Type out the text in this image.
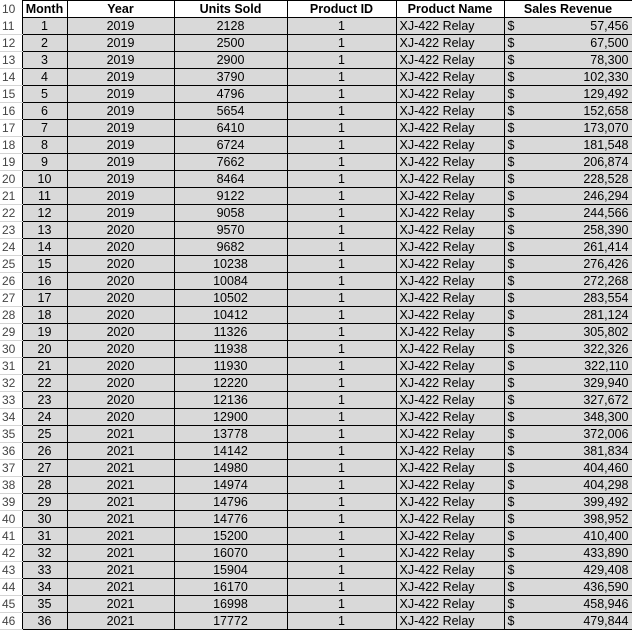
10	Month	Year	Units Sold	Product ID	Product Name	Sales Revenue
11	1	2019	2128	1	XJ-422 Relay	$ 57,456

12	2	2019	2500	1	XJ-422 Relay	$ 67,500

13	3	2019	2900	1	XJ-422 Relay	$ 78,300

14	4	2019	3790	1	XJ-422 Relay	$ 102,330

15	5	2019	4796	1	XJ-422 Relay	$ 129,492

16	6	2019	5654	1	XJ-422 Relay	$ 152,658

17	7	2019	6410	1	XJ-422 Relay	$ 173,070

18	8	2019	6724	1	XJ-422 Relay	$ 181,548

19	9	2019	7662	1	XJ-422 Relay	$ 206,874

20	10	2019	8464	1	XJ-422 Relay	$ 228,528

21	11	2019	9122	1	XJ-422 Relay	$ 246,294

22	12	2019	9058	1	XJ-422 Relay	$ 244,566

23	13	2020	9570	1	XJ-422 Relay	$ 258,390

24	14	2020	9682	1	XJ-422 Relay	$ 261,414

25	15	2020	10238	1	XJ-422 Relay	$ 276,426

26	16	2020	10084	1	XJ-422 Relay	$ 272,268

27	17	2020	10502	1	XJ-422 Relay	$ 283,554

28	18	2020	10412	1	XJ-422 Relay	$ 281,124

29	19	2020	11326	1	XJ-422 Relay	$ 305,802

30	20	2020	11938	1	XJ-422 Relay	$ 322,326

31	21	2020	11930	1	XJ-422 Relay	$ 322,110

32	22	2020	12220	1	XJ-422 Relay	$ 329,940

33	23	2020	12136	1	XJ-422 Relay	$ 327,672

34	24	2020	12900	1	XJ-422 Relay	$ 348,300

35	25	2021	13778	1	XJ-422 Relay	$ 372,006

36	26	2021	14142	1	XJ-422 Relay	$ 381,834

37	27	2021	14980	1	XJ-422 Relay	$ 404,460

38	28	2021	14974	1	XJ-422 Relay	$ 404,298

39	29	2021	14796	1	XJ-422 Relay	$ 399,492

40	30	2021	14776	1	XJ-422 Relay	$ 398,952

41	31	2021	15200	1	XJ-422 Relay	$ 410,400

42	32	2021	16070	1	XJ-422 Relay	$ 433,890

43	33	2021	15904	1	XJ-422 Relay	$ 429,408

44	34	2021	16170	1	XJ-422 Relay	$ 436,590

45	35	2021	16998	1	XJ-422 Relay	$ 458,946

46	36	2021	17772	1	XJ-422 Relay	$ 479,844
